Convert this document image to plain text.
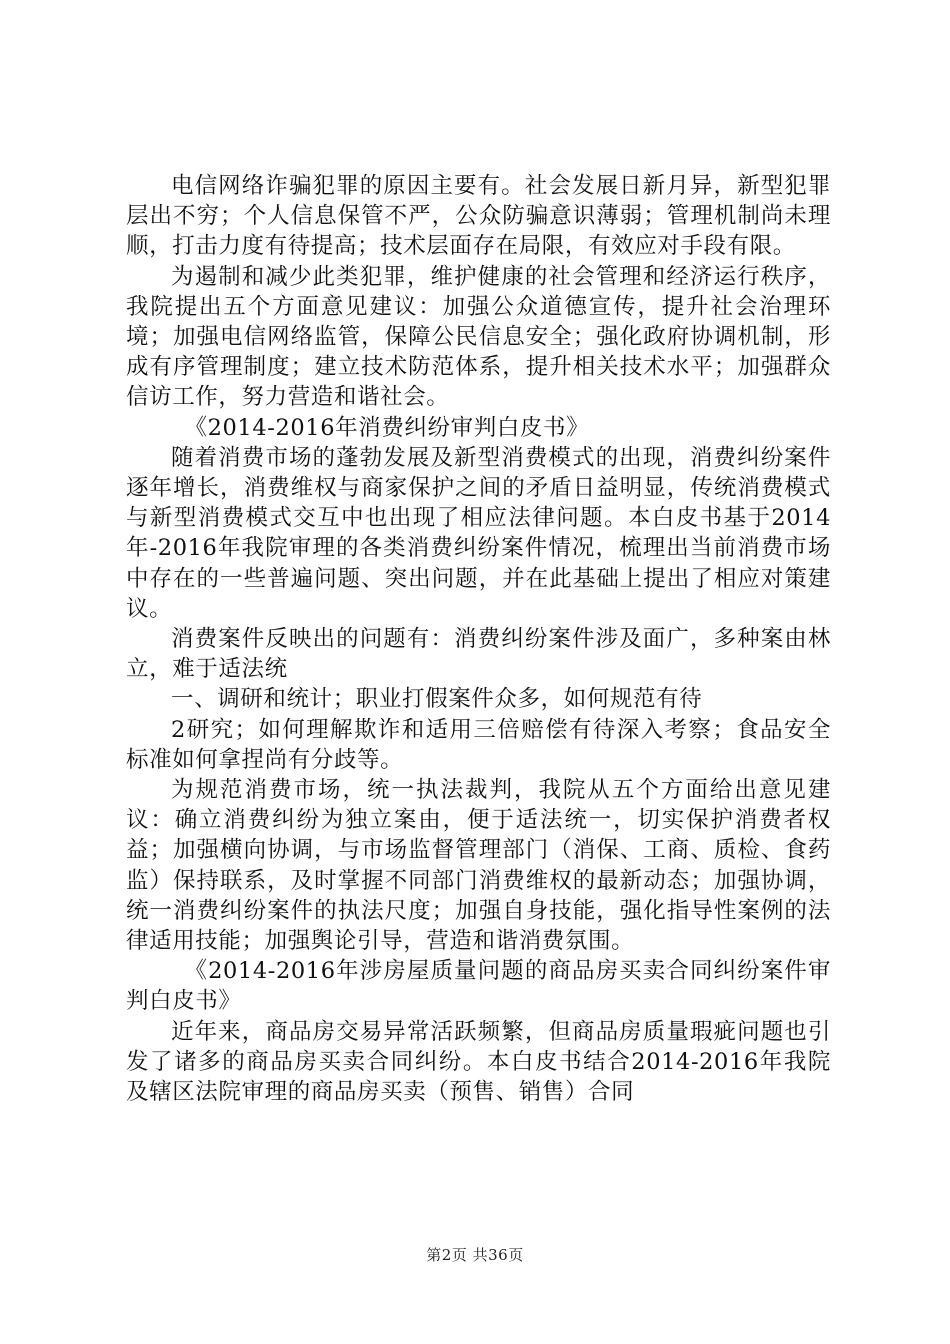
电信网络诈骗犯罪的原因主要有。社会发展日新月异，新型犯罪层出不穷；个人信息保管不严，公众防骗意识薄弱；管理机制尚未理顺，打击力度有待提高；技术层面存在局限，有效应对手段有限。

为遏制和减少此类犯罪，维护健康的社会管理和经济运行秩序，我院提出五个方面意见建议：加强公众道德宣传，提升社会治理环境；加强电信网络监管，保障公民信息安全；强化政府协调机制，形成有序管理制度；建立技术防范体系，提升相关技术水平；加强群众信访工作，努力营造和谐社会。

《2014-2016年消费纠纷审判白皮书》

随着消费市场的蓬勃发展及新型消费模式的出现，消费纠纷案件逐年增长，消费维权与商家保护之间的矛盾日益明显，传统消费模式与新型消费模式交互中也出现了相应法律问题。本白皮书基于2014年-2016年我院审理的各类消费纠纷案件情况，梳理出当前消费市场中存在的一些普遍问题、突出问题，并在此基础上提出了相应对策建议。

消费案件反映出的问题有：消费纠纷案件涉及面广，多种案由林立，难于适法统

一、调研和统计；职业打假案件众多，如何规范有待

2研究；如何理解欺诈和适用三倍赔偿有待深入考察；食品安全标准如何拿捏尚有分歧等。

为规范消费市场，统一执法裁判，我院从五个方面给出意见建议：确立消费纠纷为独立案由，便于适法统一，切实保护消费者权益；加强横向协调，与市场监督管理部门（消保、工商、质检、食药监）保持联系，及时掌握不同部门消费维权的最新动态；加强协调，统一消费纠纷案件的执法尺度；加强自身技能，强化指导性案例的法律适用技能；加强舆论引导，营造和谐消费氛围。

《2014-2016年涉房屋质量问题的商品房买卖合同纠纷案件审判白皮书》

近年来，商品房交易异常活跃频繁，但商品房质量瑕疵问题也引发了诸多的商品房买卖合同纠纷。本白皮书结合2014-2016年我院及辖区法院审理的商品房买卖（预售、销售）合同

第2页 共36页
